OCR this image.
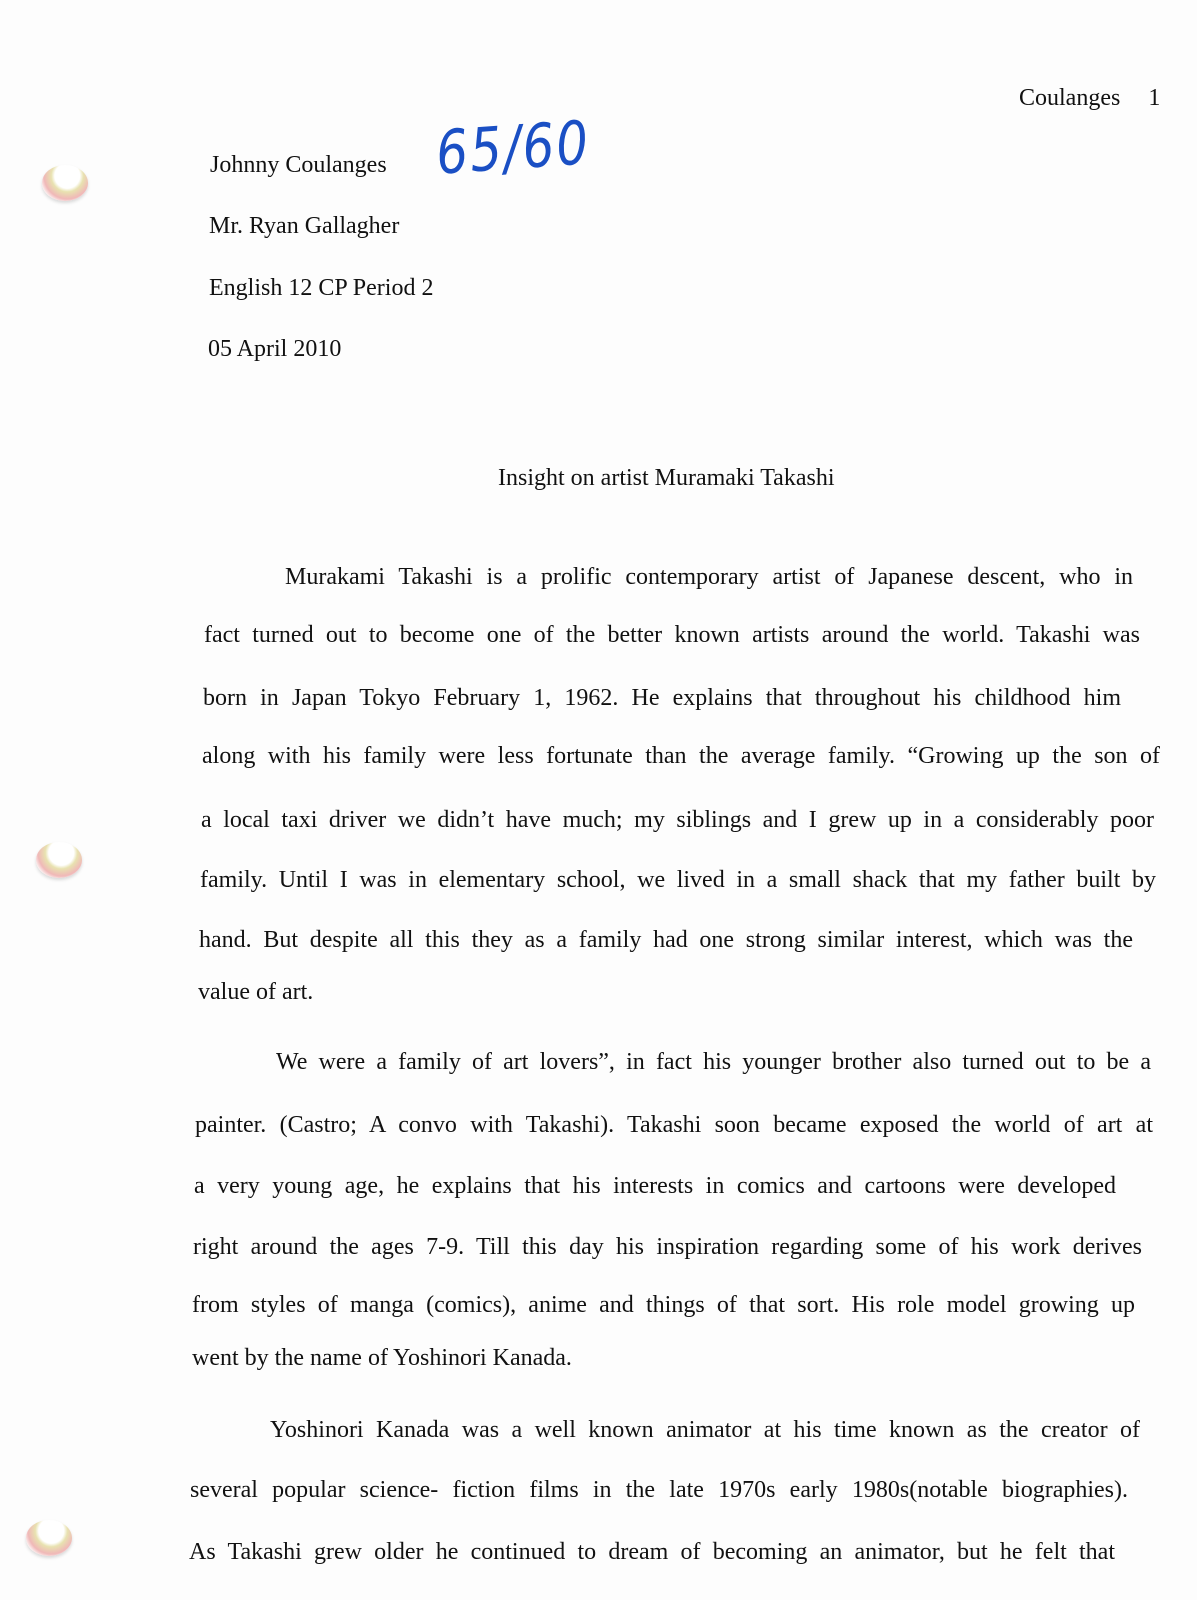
Coulanges 1
65/60
Johnny Coulanges
Mr. Ryan Gallagher
English 12 CP Period 2
05 April 2010
Insight on artist Muramaki Takashi
Murakami Takashi is a prolific contemporary artist of Japanese descent, who in
fact turned out to become one of the better known artists around the world. Takashi was
born in Japan Tokyo February 1, 1962. He explains that throughout his childhood him
along with his family were less fortunate than the average family. “Growing up the son of
a local taxi driver we didn’t have much; my siblings and I grew up in a considerably poor
family. Until I was in elementary school, we lived in a small shack that my father built by
hand. But despite all this they as a family had one strong similar interest, which was the
value of art.
We were a family of art lovers”, in fact his younger brother also turned out to be a
painter. (Castro; A convo with Takashi). Takashi soon became exposed the world of art at
a very young age, he explains that his interests in comics and cartoons were developed
right around the ages 7-9. Till this day his inspiration regarding some of his work derives
from styles of manga (comics), anime and things of that sort. His role model growing up
went by the name of Yoshinori Kanada.
Yoshinori Kanada was a well known animator at his time known as the creator of
several popular science- fiction films in the late 1970s early 1980s(notable biographies).
As Takashi grew older he continued to dream of becoming an animator, but he felt that
